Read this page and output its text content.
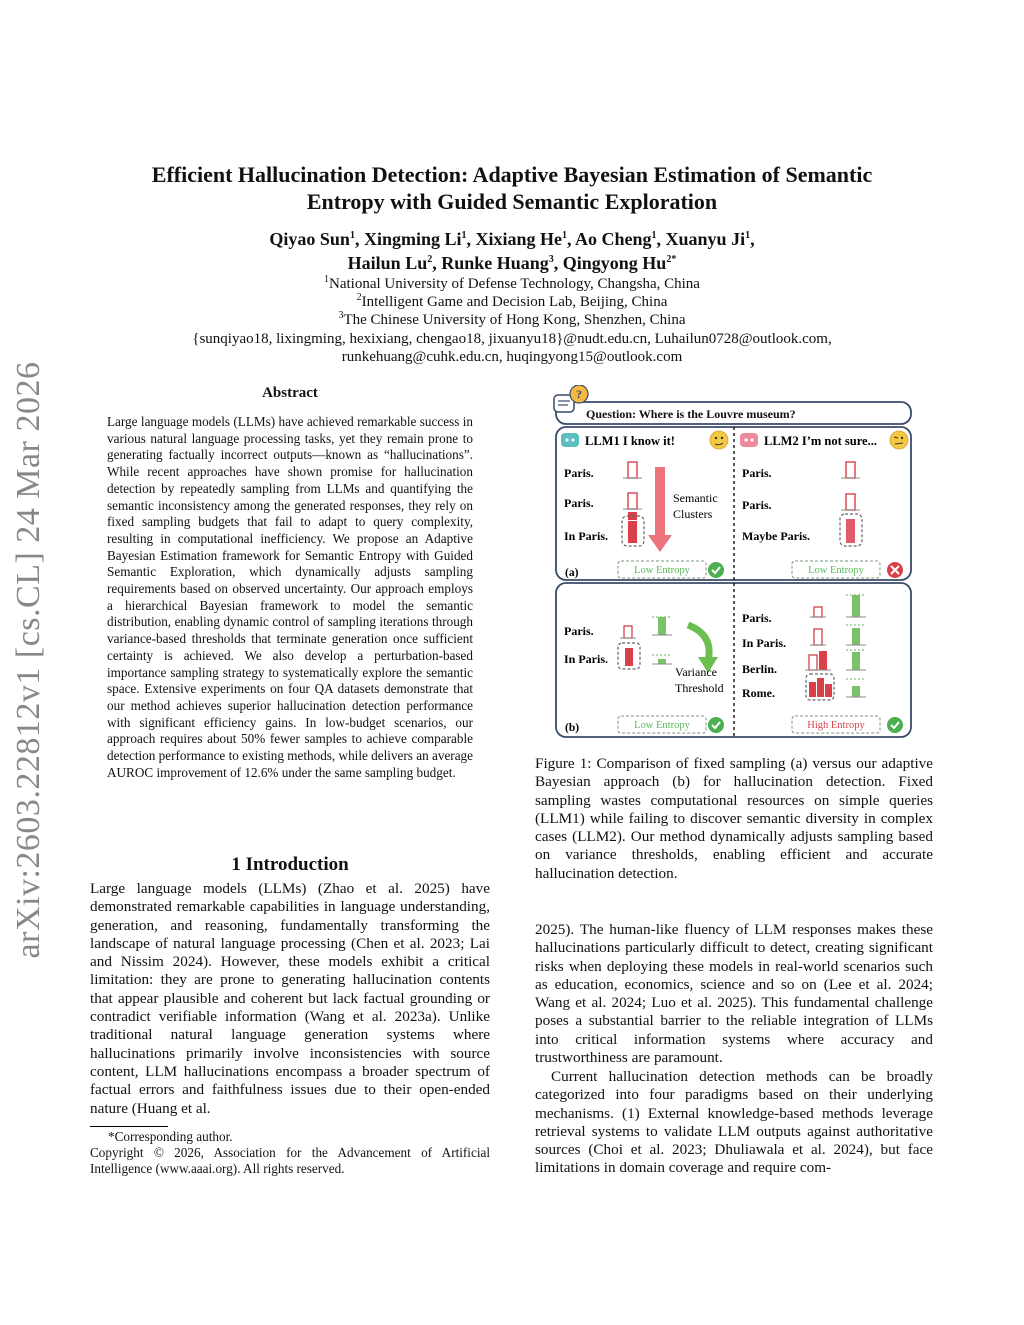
arXiv:2603.22812v1 [cs.CL] 24 Mar 2026
Efficient Hallucination Detection: Adaptive Bayesian Estimation of Semantic
Entropy with Guided Semantic Exploration
Qiyao Sun$^1$, Xingming Li$^1$, Xixiang He$^1$, Ao Cheng$^1$, Xuanyu Ji$^1$,
Hailun Lu$^2$, Runke Huang$^3$, Qingyong $Hu^{2*}$
$^1$National University of Defense Technology, Changsha, China
$^2$Intelligent Game and Decision Lab, Beijing, China
$^3$The Chinese University of Hong Kong, Shenzhen, China
{sunqiyao18, lixingming, hexixiang, chengao18, jixuanyu18}@nudt.edu.cn, Luhailun0728@outlook.com,
runkehuang@cuhk.edu.cn, huqingyong15@outlook.com
Abstract
Large language models (LLMs) have achieved remarkable success in various natural language processing tasks, yet they remain prone to generating factually incorrect outputs—known as “hallucinations”. While recent approaches have shown promise for hallucination detection by repeatedly sampling from LLMs and quantifying the semantic inconsistency among the generated responses, they rely on fixed sampling budgets that fail to adapt to query complexity, resulting in computational inefficiency. We propose an Adaptive Bayesian Estimation framework for Semantic Entropy with Guided Semantic Exploration, which dynamically adjusts sampling requirements based on observed uncertainty. Our approach employs a hierarchical Bayesian framework to model the semantic distribution, enabling dynamic control of sampling iterations through variance-based thresholds that terminate generation once sufficient certainty is achieved. We also develop a perturbation-based importance sampling strategy to systematically explore the semantic space. Extensive experiments on four QA datasets demonstrate that our method achieves superior hallucination detection performance with significant efficiency gains. In low-budget scenarios, our approach requires about 50% fewer samples to achieve comparable detection performance to existing methods, while delivers an average AUROC improvement of 12.6% under the same sampling budget.
1 Introduction
Large language models (LLMs) (Zhao et al. 2025) have demonstrated remarkable capabilities in language understanding, generation, and reasoning, fundamentally transforming the landscape of natural language processing (Chen et al. 2023; Lai and Nissim 2024). However, these models exhibit a critical limitation: they are prone to generating hallucination contents that appear plausible and coherent but lack factual grounding or contradict verifiable information (Wang et al. 2023a). Unlike traditional natural language generation systems where hallucinations primarily involve inconsistencies with source content, LLM hallucinations encompass a broader spectrum of factual errors and faithfulness issues due to their open-ended nature (Huang et al.
*Corresponding author.
Copyright © 2026, Association for the Advancement of Artificial Intelligence (www.aaai.org). All rights reserved.
?
Question: Where is the Louvre museum?
LLM1 I know it!	LLM2 I’m not sure...
Paris.
Paris.
In Paris.
Semantic
Clusters
Paris.
Paris.
Maybe Paris.
(a)	Low Entropy	Low Entropy
Paris.
In Paris.
Variance
Threshold
Paris.
In Paris.
Berlin.
Rome.
(b)	Low Entropy	High Entropy
Figure 1: Comparison of fixed sampling (a) versus our adaptive Bayesian approach (b) for hallucination detection. Fixed sampling wastes computational resources on simple queries (LLM1) while failing to discover semantic diversity in complex cases (LLM2). Our method dynamically adjusts sampling based on variance thresholds, enabling efficient and accurate hallucination detection.
2025). The human-like fluency of LLM responses makes these hallucinations particularly difficult to detect, creating significant risks when deploying these models in real-world scenarios such as education, economics, science and so on (Lee et al. 2024; Wang et al. 2024; Luo et al. 2025). This fundamental challenge poses a substantial barrier to the reliable integration of LLMs into critical information systems where accuracy and trustworthiness are paramount.
Current hallucination detection methods can be broadly categorized into four paradigms based on their underlying mechanisms. (1) External knowledge-based methods leverage retrieval systems to validate LLM outputs against authoritative sources (Choi et al. 2023; Dhuliawala et al. 2024), but face limitations in domain coverage and require com-
